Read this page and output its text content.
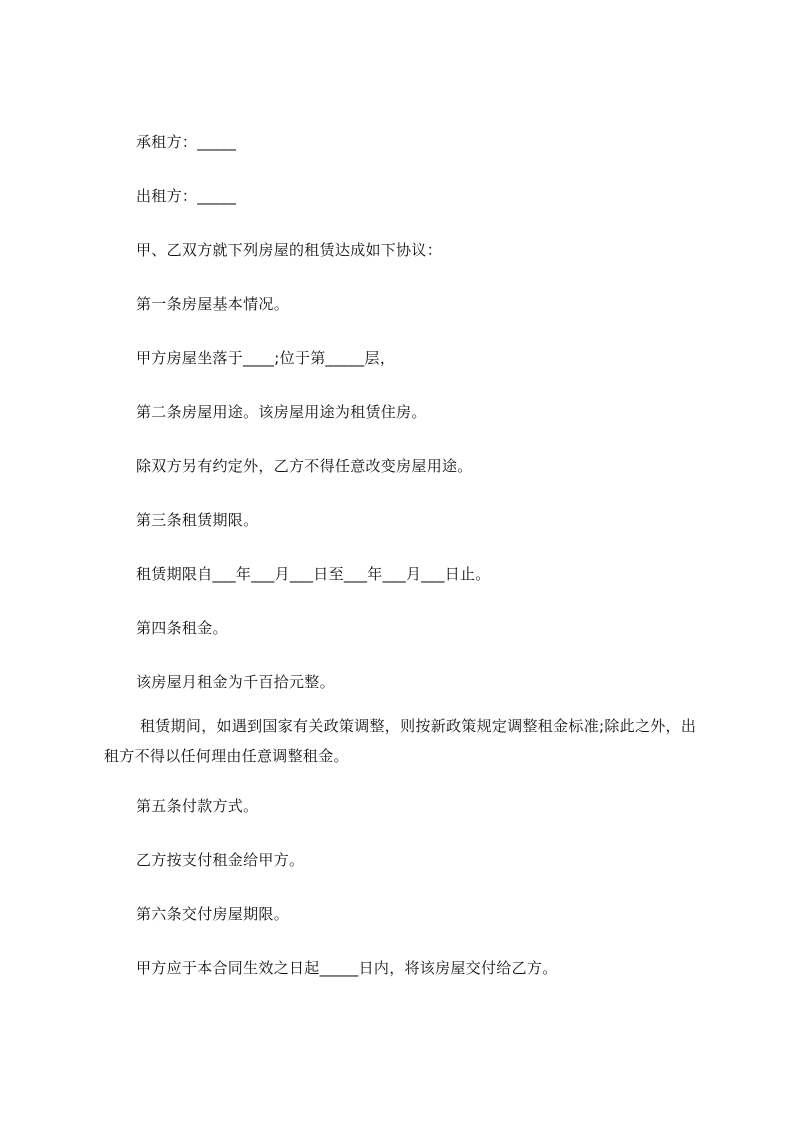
承租方：_____
出租方：_____
甲、乙双方就下列房屋的租赁达成如下协议：
第一条房屋基本情况。
甲方房屋坐落于____;位于第_____层，
第二条房屋用途。该房屋用途为租赁住房。
除双方另有约定外，乙方不得任意改变房屋用途。
第三条租赁期限。
租赁期限自___年___月___日至___年___月___日止。
第四条租金。
该房屋月租金为千百拾元整。
租赁期间，如遇到国家有关政策调整，则按新政策规定调整租金标准;除此之外，出租方不得以任何理由任意调整租金。
第五条付款方式。
乙方按支付租金给甲方。
第六条交付房屋期限。
甲方应于本合同生效之日起_____日内，将该房屋交付给乙方。
